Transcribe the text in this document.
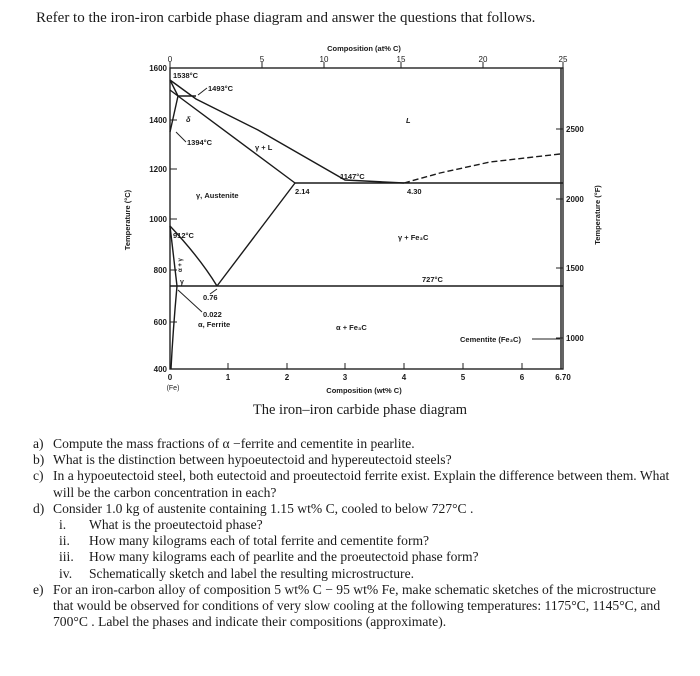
Refer to the iron-iron carbide phase diagram and answer the questions that follows.
Composition (at% C)
0	5	10	15	20	25
Temperature (°C)
1600
1400
1200
1000
800
600
400
Temperature (°F)
2500
2000
1500
1000
0	1	2	3	4	5	6	6.70
(Fe)	Composition (wt% C)
1538°C
1493°C
δ
1394°C
γ + L
L
1147°C
2.14	4.30
γ, Austenite
912°C	γ + Fe₃C
α + γ
γ	727°C
0.76
0.022
α, Ferrite	α + Fe₃C
Cementite (Fe₃C)
The iron–iron carbide phase diagram
a) Compute the mass fractions of α −ferrite and cementite in pearlite.
b) What is the distinction between hypoeutectoid and hypereutectoid steels?
c) In a hypoeutectoid steel, both eutectoid and proeutectoid ferrite exist. Explain the difference between them. What will be the carbon concentration in each?
d) Consider 1.0 kg of austenite containing 1.15 wt% C, cooled to below 727°C .
i. What is the proeutectoid phase?
ii. How many kilograms each of total ferrite and cementite form?
iii. How many kilograms each of pearlite and the proeutectoid phase form?
iv. Schematically sketch and label the resulting microstructure.
e) For an iron-carbon alloy of composition 5 wt% C − 95 wt% Fe, make schematic sketches of the microstructure that would be observed for conditions of very slow cooling at the following temperatures: 1175°C, 1145°C, and 700°C . Label the phases and indicate their compositions (approximate).
